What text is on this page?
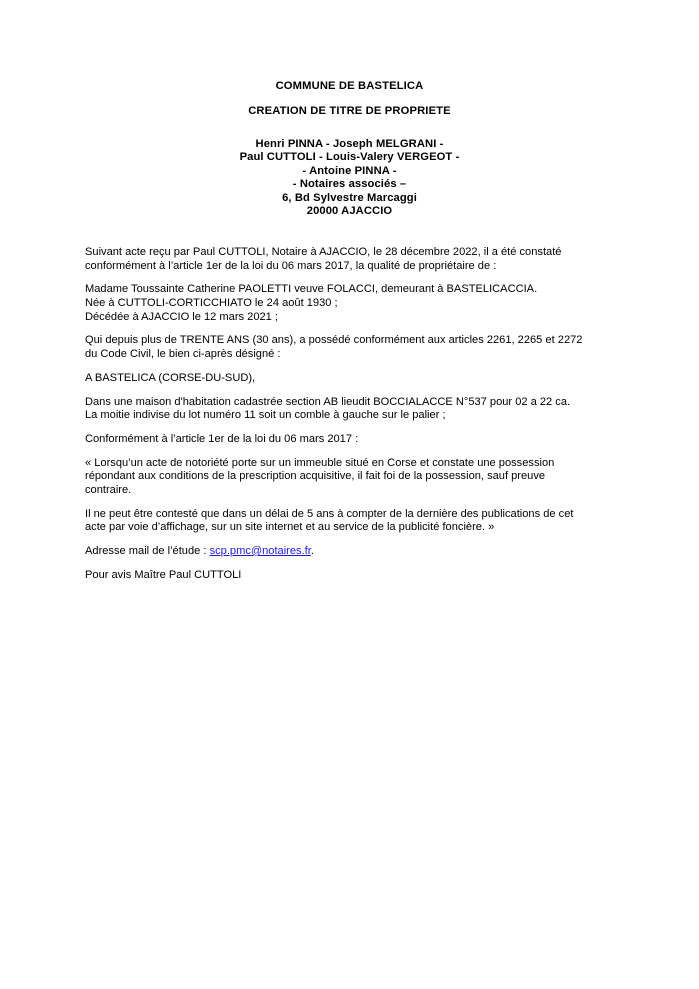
COMMUNE DE BASTELICA
CREATION DE TITRE DE PROPRIETE
Henri PINNA - Joseph MELGRANI -
Paul CUTTOLI - Louis-Valery VERGEOT -
- Antoine PINNA -
- Notaires associés –
6, Bd Sylvestre Marcaggi
20000 AJACCIO

Suivant acte reçu par Paul CUTTOLI, Notaire à AJACCIO, le 28 décembre 2022, il a été constaté
conformément à l’article 1er de la loi du 06 mars 2017, la qualité de propriétaire de :

Madame Toussainte Catherine PAOLETTI veuve FOLACCI, demeurant à BASTELICACCIA.
Née à CUTTOLI-CORTICCHIATO le 24 août 1930 ;
Décédée à AJACCIO le 12 mars 2021 ;

Qui depuis plus de TRENTE ANS (30 ans), a possédé conformément aux articles 2261, 2265 et 2272
du Code Civil, le bien ci-après désigné :

A BASTELICA (CORSE-DU-SUD),

Dans une maison d'habitation cadastrée section AB lieudit BOCCIALACCE N°537 pour 02 a 22 ca.
La moitie indivise du lot numéro 11 soit un comble à gauche sur le palier ;

Conformément à l’article 1er de la loi du 06 mars 2017 :

« Lorsqu’un acte de notoriété porte sur un immeuble situé en Corse et constate une possession
répondant aux conditions de la prescription acquisitive, il fait foi de la possession, sauf preuve
contraire.

Il ne peut être contesté que dans un délai de 5 ans à compter de la dernière des publications de cet
acte par voie d’affichage, sur un site internet et au service de la publicité foncière. »

Adresse mail de l’étude : scp.pmc@notaires.fr.

Pour avis Maître Paul CUTTOLI
